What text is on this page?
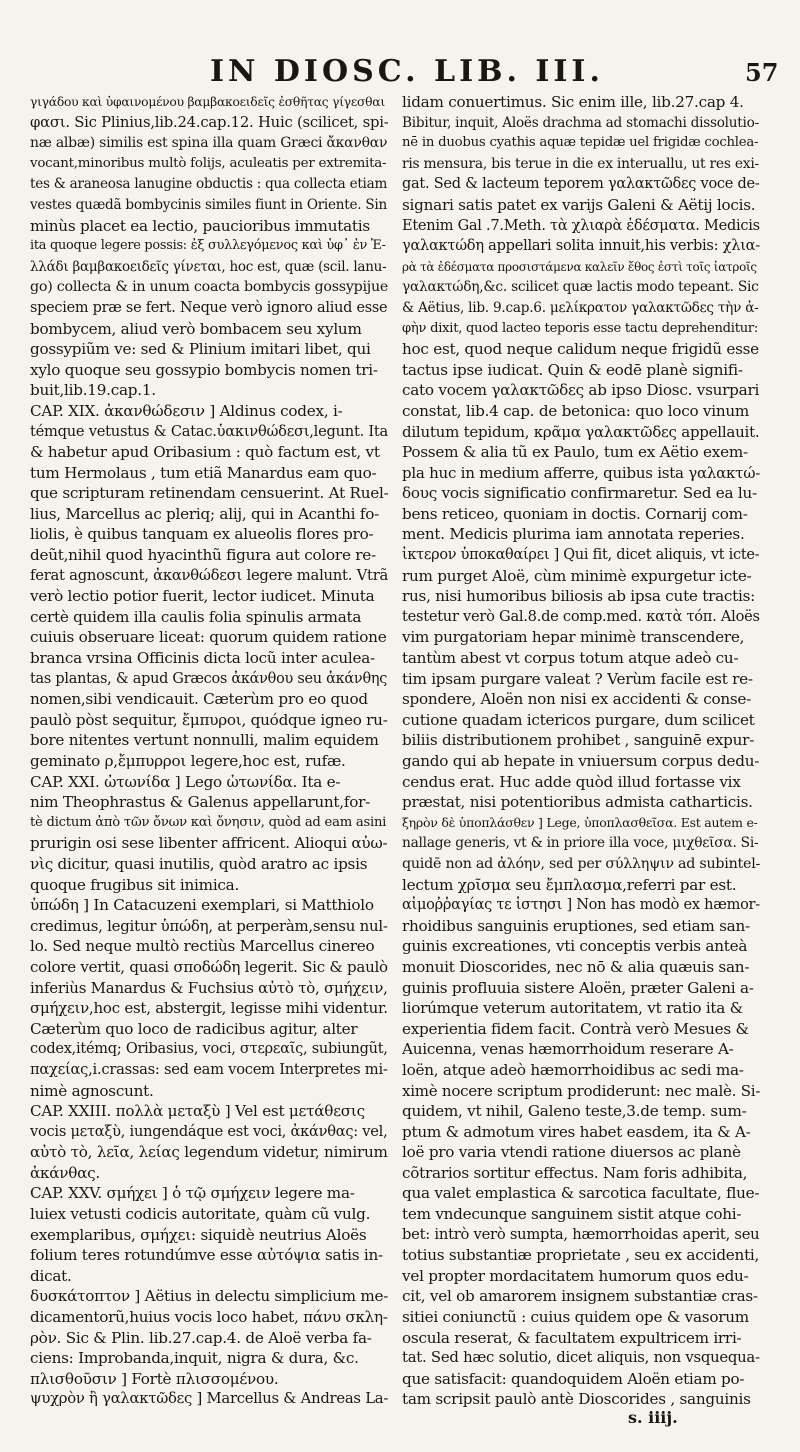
IN DIOSC. LIB. III.	57
γιγάδου καὶ ὑφαινομένου βαμβακοειδεῖς ἐσθῆτας γίγεσθαι
φασι. Sic Plinius,lib.24.cap.12. Huic (scilicet, spi-
næ albæ) similis est spina illa quam Græci ἄκανθαν
vocant,minoribus multò folijs, aculeatis per extremita-
tes & araneosa lanugine obductis : qua collecta etiam
vestes quædã bombycinis similes fiunt in Oriente. Sin
minùs placet ea lectio, paucioribus immutatis
ita quoque legere possis: ἐξ συλλεγόμενος καὶ ὑφ᾽ ἐν Ἐ-
λλάδι βαμβακοειδεῖς γίνεται, hoc est, quæ (scil. lanu-
go) collecta & in unum coacta bombycis gossypijue
speciem præ se fert. Neque verò ignoro aliud esse
bombycem, aliud verò bombacem seu xylum
gossypiũm ve: sed & Plinium imitari libet, qui
xylo quoque seu gossypio bombycis nomen tri-
buit,lib.19.cap.1.
CAP. XIX. ἀκανθώδεσιν ] Aldinus codex, i-
témque vetustus & Catac.ὑακινθώδεσι,legunt. Ita
& habetur apud Oribasium : quò factum est, vt
tum Hermolaus , tum etiã Manardus eam quo-
que scripturam retinendam censuerint. At Ruel-
lius, Marcellus ac pleriq; alij, qui in Acanthi fo-
liolis, è quibus tanquam ex alueolis flores pro-
deũt,nihil quod hyacinthũ figura aut colore re-
ferat agnoscunt, ἀκανθώδεσι legere malunt. Vtrã
verò lectio potior fuerit, lector iudicet. Minuta
certè quidem illa caulis folia spinulis armata
cuiuis obseruare liceat: quorum quidem ratione
branca vrsina Officinis dicta locũ inter aculea-
tas plantas, & apud Græcos ἀκάνθου seu ἀκάνθης
nomen,sibi vendicauit. Cæterùm pro eo quod
paulò pòst sequitur, ἔμπυροι, quódque igneo ru-
bore nitentes vertunt nonnulli, malim equidem
geminato ρ,ἔμπυρροι legere,hoc est, rufæ.
CAP. XXI. ὠτωνίδα ] Lego ὠτωνίδα. Ita e-
nim Theophrastus & Galenus appellarunt,for-
tè dictum ἀπὸ τῶν ὄνων καὶ ὄνησιν, quòd ad eam asini
prurigin osi sese libenter affricent. Alioqui αὐω-
νὶς dicitur, quasi inutilis, quòd aratro ac ipsis
quoque frugibus sit inimica.
ὑπώδη ] In Catacuzeni exemplari, si Matthiolo
credimus, legitur ὑπώδη, at perperàm,sensu nul-
lo. Sed neque multò rectiùs Marcellus cinereo
colore vertit, quasi σποδώδη legerit. Sic & paulò
inferiùs Manardus & Fuchsius αὐτὸ τὸ, σμήχειν,
σμήχειν,hoc est, abstergit, legisse mihi videntur.
Cæterùm quo loco de radicibus agitur, alter
codex,itémq; Oribasius, voci, στερεαῖς, subiungũt,
παχείας,i.crassas: sed eam vocem Interpretes mi-
nimè agnoscunt.
CAP. XXIII. πολλὰ μεταξὺ ] Vel est μετάθεσις
vocis μεταξὺ, iungendáque est voci, ἀκάνθας: vel,
αὐτὸ τὸ, λεῖα, λείας legendum videtur, nimirum
ἀκάνθας.
CAP. XXV. σμήχει ] ὁ τῷ σμήχειν legere ma-
luiex vetusti codicis autoritate, quàm cũ vulg.
exemplaribus, σμήχει: siquidè neutrius Aloës
folium teres rotundúmve esse αὐτόψια satis in-
dicat.
δυσκάτοπτον ] Aëtius in delectu simplicium me-
dicamentorũ,huius vocis loco habet, πάνυ σκλη-
ρὸν. Sic & Plin. lib.27.cap.4. de Aloë verba fa-
ciens: Improbanda,inquit, nigra & dura, &c.
πλισθοῦσιν ] Fortè πλισσομένου.
ψυχρὸν ἢ γαλακτῶδες ] Marcellus & Andreas La-
lidam conuertimus. Sic enim ille, lib.27.cap 4.
Bibitur, inquit, Aloës drachma ad stomachi dissolutio-
nē in duobus cyathis aquæ tepidæ uel frigidæ cochlea-
ris mensura, bis terue in die ex interuallu, ut res exi-
gat. Sed & lacteum teporem γαλακτῶδες voce de-
signari satis patet ex varijs Galeni & Aëtij locis.
Etenim Gal .7.Meth. τὰ χλιαρὰ ἐδέσματα. Medicis
γαλακτώδη appellari solita innuit,his verbis: χλια-
ρὰ τὰ ἐδέσματα προσιστάμενα καλεῖν ἔθος ἐστὶ τοῖς ἰατροῖς
γαλακτώδη,&c. scilicet quæ lactis modo tepeant. Sic
& Aëtius, lib. 9.cap.6. μελίκρατον γαλακτῶδες τὴν ἀ-
φὴν dixit, quod lacteo teporis esse tactu deprehenditur:
hoc est, quod neque calidum neque frigidũ esse
tactus ipse iudicat. Quin & eodē planè signifi-
cato vocem γαλακτῶδες ab ipso Diosc. vsurpari
constat, lib.4 cap. de betonica: quo loco vinum
dilutum tepidum, κρᾶμα γαλακτῶδες appellauit.
Possem & alia tũ ex Paulo, tum ex Aëtio exem-
pla huc in medium afferre, quibus ista γαλακτώ-
δους vocis significatio confirmaretur. Sed ea lu-
bens reticeo, quoniam in doctis. Cornarij com-
ment. Medicis plurima iam annotata reperies.
ἰκτερον ὑποκαθαίρει ] Qui fit, dicet aliquis, vt icte-
rum purget Aloë, cùm minimè expurgetur icte-
rus, nisi humoribus biliosis ab ipsa cute tractis:
testetur verò Gal.8.de comp.med. κατὰ τόπ. Aloës
vim purgatoriam hepar minimè transcendere,
tantùm abest vt corpus totum atque adeò cu-
tim ipsam purgare valeat ? Verùm facile est re-
spondere, Aloën non nisi ex accidenti & conse-
cutione quadam ictericos purgare, dum scilicet
biliis distributionem prohibet , sanguinē expur-
gando qui ab hepate in vniuersum corpus dedu-
cendus erat. Huc adde quòd illud fortasse vix
præstat, nisi potentioribus admista catharticis.
ξηρὸν δὲ ὑποπλάσθεν ] Lege, ὑποπλασθεῖσα. Est autem e-
nallage generis, vt & in priore illa voce, μιχθεῖσα. Si-
quidē non ad ἀλόην, sed per σύλληψιν ad subintel-
lectum χρῖσμα seu ἔμπλασμα,referri par est.
αἱμοῤῥαγίας τε ἱστησι ] Non has modò ex hæmor-
rhoidibus sanguinis eruptiones, sed etiam san-
guinis excreationes, vti conceptis verbis anteà
monuit Dioscorides, nec nō & alia quæuis san-
guinis profluuia sistere Aloën, præter Galeni a-
liorúmque veterum autoritatem, vt ratio ita &
experientia fidem facit. Contrà verò Mesues &
Auicenna, venas hæmorrhoidum reserare A-
loën, atque adeò hæmorrhoidibus ac sedi ma-
ximè nocere scriptum prodiderunt: nec malè. Si-
quidem, vt nihil, Galeno teste,3.de temp. sum-
ptum & admotum vires habet easdem, ita & A-
loë pro varia vtendi ratione diuersos ac planè
cõtrarios sortitur effectus. Nam foris adhibita,
qua valet emplastica & sarcotica facultate, flue-
tem vndecunque sanguinem sistit atque cohi-
bet: intrò verò sumpta, hæmorrhoidas aperit, seu
totius substantiæ proprietate , seu ex accidenti,
vel propter mordacitatem humorum quos edu-
cit, vel ob amarorem insignem substantiæ cras-
sitiei coniunctũ : cuius quidem ope & vasorum
oscula reserat, & facultatem expultricem irri-
tat. Sed hæc solutio, dicet aliquis, non vsquequa-
que satisfacit: quandoquidem Aloën etiam po-
tam scripsit paulò antè Dioscorides , sanguinis
s. iiij.
